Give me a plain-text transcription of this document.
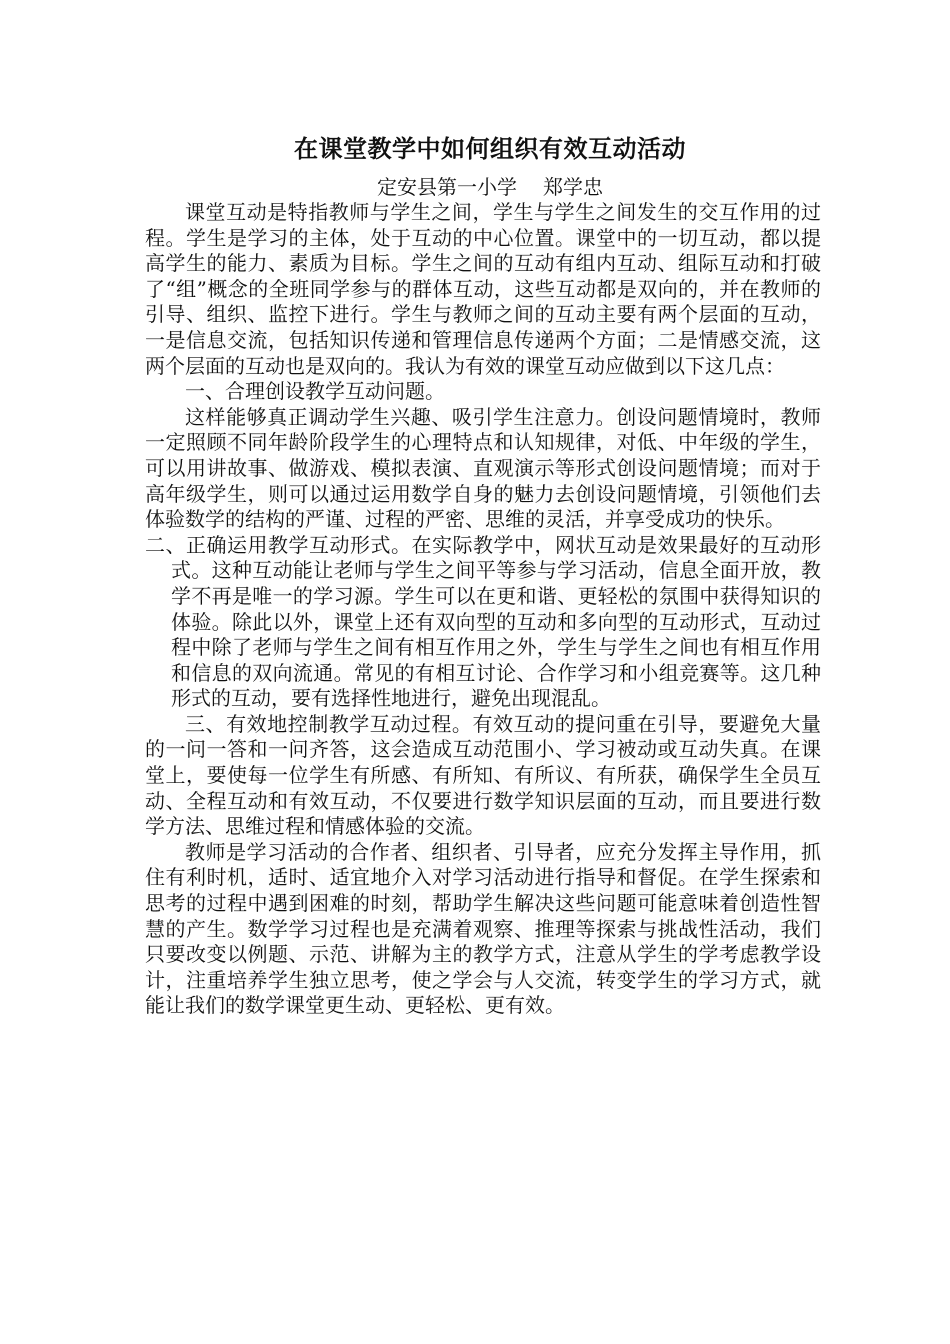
在课堂教学中如何组织有效互动活动

定安县第一小学 郑学忠

课堂互动是特指教师与学生之间，学生与学生之间发生的交互作用的过程。学生是学习的主体，处于互动的中心位置。课堂中的一切互动，都以提高学生的能力、素质为目标。学生之间的互动有组内互动、组际互动和打破了“组”概念的全班同学参与的群体互动，这些互动都是双向的，并在教师的引导、组织、监控下进行。学生与教师之间的互动主要有两个层面的互动，一是信息交流，包括知识传递和管理信息传递两个方面；二是情感交流，这两个层面的互动也是双向的。我认为有效的课堂互动应做到以下这几点：

一、合理创设教学互动问题。

这样能够真正调动学生兴趣、吸引学生注意力。创设问题情境时，教师一定照顾不同年龄阶段学生的心理特点和认知规律，对低、中年级的学生，可以用讲故事、做游戏、模拟表演、直观演示等形式创设问题情境；而对于高年级学生，则可以通过运用数学自身的魅力去创设问题情境，引领他们去体验数学的结构的严谨、过程的严密、思维的灵活，并享受成功的快乐。

二、正确运用教学互动形式。在实际教学中，网状互动是效果最好的互动形式。这种互动能让老师与学生之间平等参与学习活动，信息全面开放，教学不再是唯一的学习源。学生可以在更和谐、更轻松的氛围中获得知识的体验。除此以外，课堂上还有双向型的互动和多向型的互动形式，互动过程中除了老师与学生之间有相互作用之外，学生与学生之间也有相互作用和信息的双向流通。常见的有相互讨论、合作学习和小组竞赛等。这几种形式的互动，要有选择性地进行，避免出现混乱。

三、有效地控制教学互动过程。有效互动的提问重在引导，要避免大量的一问一答和一问齐答，这会造成互动范围小、学习被动或互动失真。在课堂上，要使每一位学生有所感、有所知、有所议、有所获，确保学生全员互动、全程互动和有效互动，不仅要进行数学知识层面的互动，而且要进行数学方法、思维过程和情感体验的交流。

教师是学习活动的合作者、组织者、引导者，应充分发挥主导作用，抓住有利时机，适时、适宜地介入对学习活动进行指导和督促。在学生探索和思考的过程中遇到困难的时刻，帮助学生解决这些问题可能意味着创造性智慧的产生。数学学习过程也是充满着观察、推理等探索与挑战性活动，我们只要改变以例题、示范、讲解为主的教学方式，注意从学生的学考虑教学设计，注重培养学生独立思考，使之学会与人交流，转变学生的学习方式，就能让我们的数学课堂更生动、更轻松、更有效。
